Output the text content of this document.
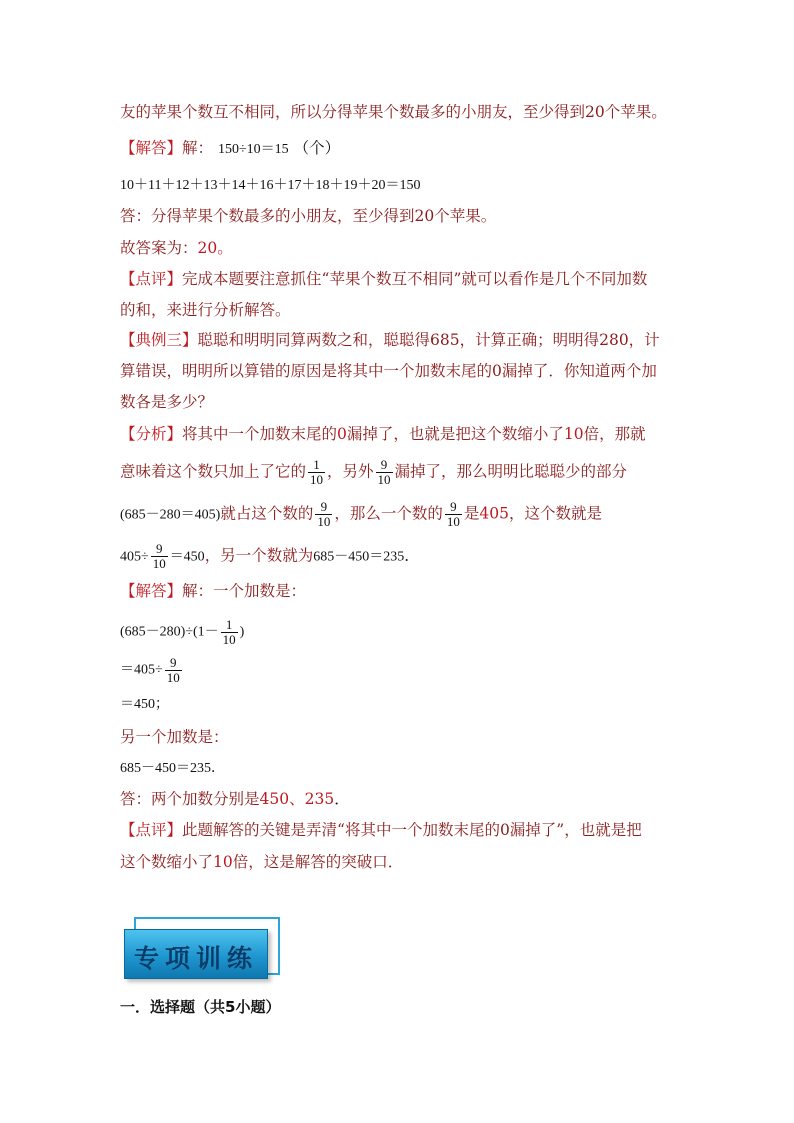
友的苹果个数互不相同，所以分得苹果个数最多的小朋友，至少得到20个苹果。
【解答】解： 150÷10＝15 （个）
10＋11＋12＋13＋14＋16＋17＋18＋19＋20＝150
答：分得苹果个数最多的小朋友，至少得到20个苹果。
故答案为：20。
【点评】完成本题要注意抓住“苹果个数互不相同”就可以看作是几个不同加数
的和，来进行分析解答。
【典例三】聪聪和明明同算两数之和，聪聪得685，计算正确；明明得280，计
算错误，明明所以算错的原因是将其中一个加数末尾的0漏掉了．你知道两个加
数各是多少？
【分析】将其中一个加数末尾的0漏掉了，也就是把这个数缩小了10倍，那就
意味着这个数只加上了它的 $\frac{1}{10}$ ，另外 $\frac{9}{10}$ 漏掉了，那么明明比聪聪少的部分
(685－280＝405)就占这个数的 $\frac{9}{10}$ ，那么一个数的 $\frac{9}{10}$ 是405，这个数就是
$405\div \frac{9}{10} =450$，另一个数就为685－450＝235．
【解答】解：一个加数是：
$(685-280)\div(1- \frac{1}{10}$ )
$=405\div \frac{9}{10}$
＝450；
另一个加数是：
685－450＝235．
答：两个加数分别是450、235．
【点评】此题解答的关键是弄清“将其中一个加数末尾的0漏掉了”，也就是把
这个数缩小了10倍，这是解答的突破口．
专项训练
一．选择题（共5小题）
